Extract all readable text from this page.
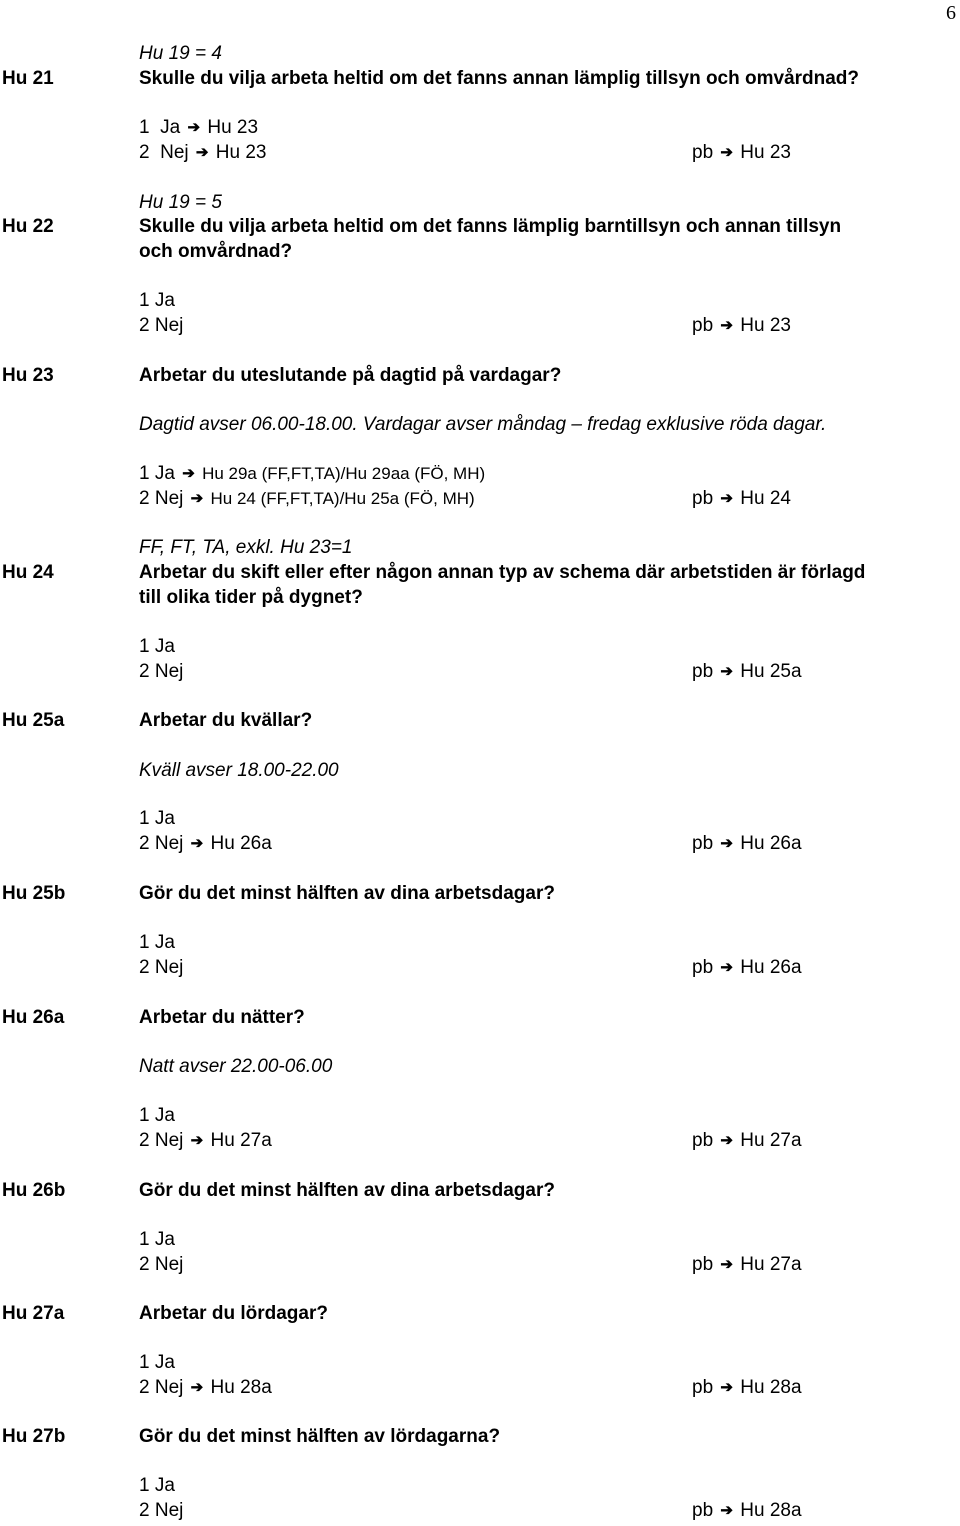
6
Hu 19 = 4
Hu 21	Skulle du vilja arbeta heltid om det fanns annan lämplig tillsyn och omvårdnad?
1  Ja ➔ Hu 23
2  Nej ➔ Hu 23	pb ➔ Hu 23
Hu 19 = 5
Hu 22	Skulle du vilja arbeta heltid om det fanns lämplig barntillsyn och annan tillsyn
och omvårdnad?
1 Ja
2 Nej	pb ➔ Hu 23
Hu 23	Arbetar du uteslutande på dagtid på vardagar?
Dagtid avser 06.00-18.00. Vardagar avser måndag – fredag exklusive röda dagar.
1 Ja ➔ Hu 29a (FF,FT,TA)/Hu 29aa (FÖ, MH)
2 Nej ➔ Hu 24 (FF,FT,TA)/Hu 25a (FÖ, MH)	pb ➔ Hu 24
FF, FT, TA, exkl. Hu 23=1
Hu 24	Arbetar du skift eller efter någon annan typ av schema där arbetstiden är förlagd
till olika tider på dygnet?
1 Ja
2 Nej	pb ➔ Hu 25a
Hu 25a	Arbetar du kvällar?
Kväll avser 18.00-22.00
1 Ja
2 Nej ➔ Hu 26a	pb ➔ Hu 26a
Hu 25b	Gör du det minst hälften av dina arbetsdagar?
1 Ja
2 Nej	pb ➔ Hu 26a
Hu 26a	Arbetar du nätter?
Natt avser 22.00-06.00
1 Ja
2 Nej ➔ Hu 27a	pb ➔ Hu 27a
Hu 26b	Gör du det minst hälften av dina arbetsdagar?
1 Ja
2 Nej	pb ➔ Hu 27a
Hu 27a	Arbetar du lördagar?
1 Ja
2 Nej ➔ Hu 28a	pb ➔ Hu 28a
Hu 27b	Gör du det minst hälften av lördagarna?
1 Ja
2 Nej	pb ➔ Hu 28a
